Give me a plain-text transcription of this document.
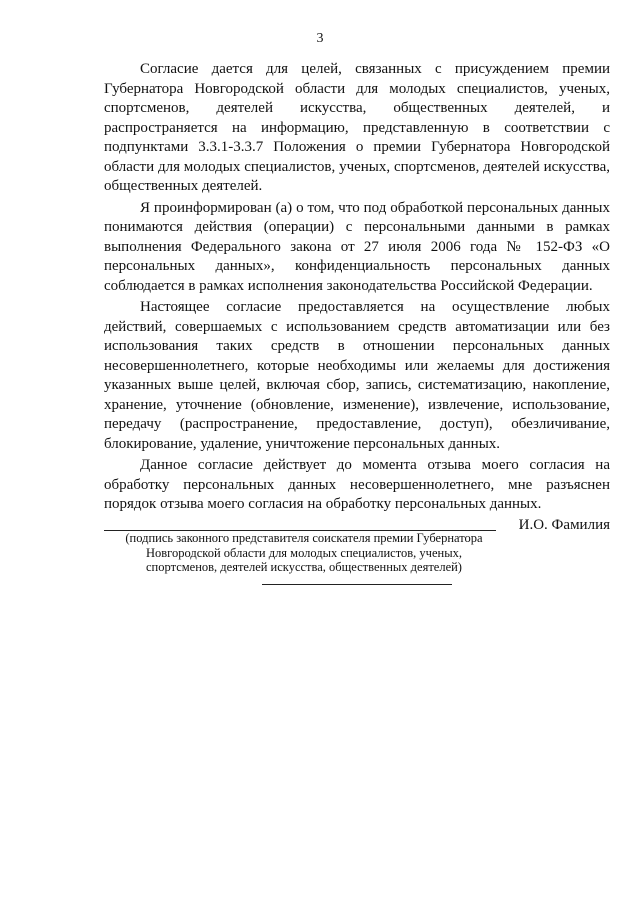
3

Согласие дается для целей, связанных с присуждением премии Губернатора Новгородской области для молодых специалистов, ученых, спортсменов, деятелей искусства, общественных деятелей, и распространяется на информацию, представленную в соответствии с подпунктами 3.3.1-3.3.7 Положения о премии Губернатора Новгородской области для молодых специалистов, ученых, спортсменов, деятелей искусства, общественных деятелей.

Я проинформирован (а) о том, что под обработкой персональных данных понимаются действия (операции) с персональными данными в рамках выполнения Федерального закона от 27 июля 2006 года № 152-ФЗ «О персональных данных», конфиденциальность персональных данных соблюдается в рамках исполнения законодательства Российской Федерации.

Настоящее согласие предоставляется на осуществление любых действий, совершаемых с использованием средств автоматизации или без использования таких средств в отношении персональных данных несовершеннолетнего, которые необходимы или желаемы для достижения указанных выше целей, включая сбор, запись, систематизацию, накопление, хранение, уточнение (обновление, изменение), извлечение, использование, передачу (распространение, предоставление, доступ), обезличивание, блокирование, удаление, уничтожение персональных данных.

Данное согласие действует до момента отзыва моего согласия на обработку персональных данных несовершеннолетнего, мне разъяснен порядок отзыва моего согласия на обработку персональных данных.

И.О. Фамилия
(подпись законного представителя соискателя премии Губернатора
Новгородской области для молодых специалистов, ученых,
спортсменов, деятелей искусства, общественных деятелей)
